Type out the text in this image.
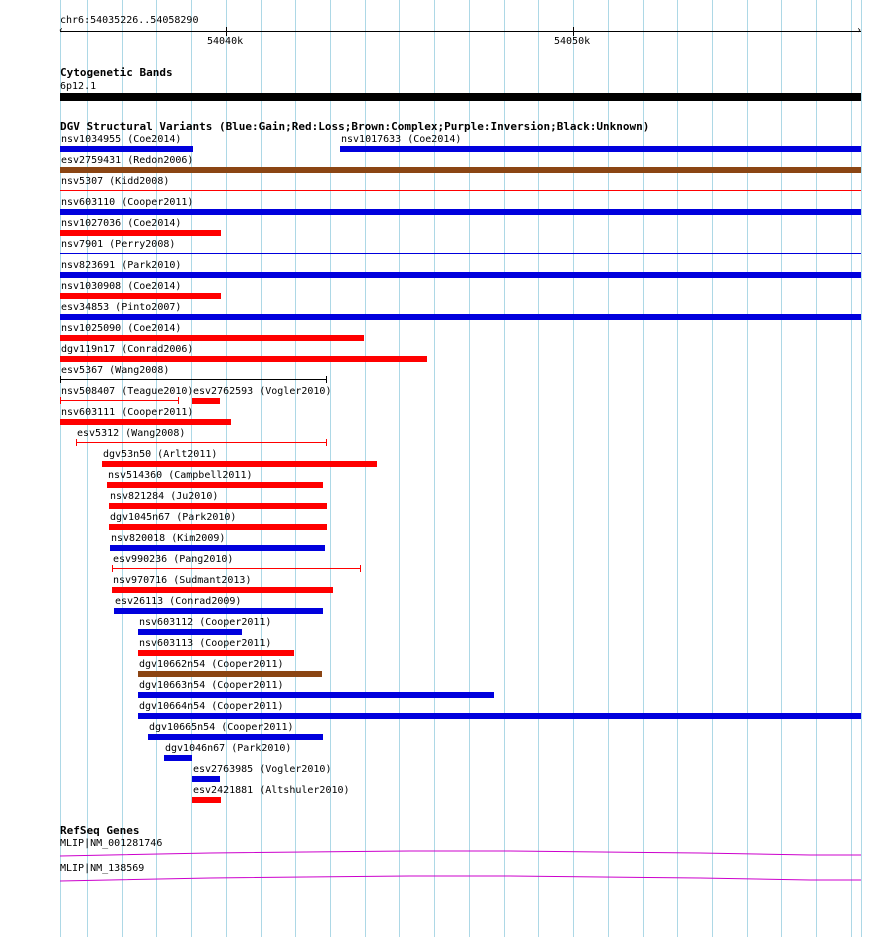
chr6:54035226..54058290
‹	›
54040k	54050k
Cytogenetic Bands
6p12.1
DGV Structural Variants (Blue:Gain;Red:Loss;Brown:Complex;Purple:Inversion;Black:Unknown)
nsv1034955 (Coe2014)	nsv1017633 (Coe2014)
esv2759431 (Redon2006)
nsv5307 (Kidd2008)
nsv603110 (Cooper2011)
nsv1027036 (Coe2014)
nsv7901 (Perry2008)
nsv823691 (Park2010)
nsv1030908 (Coe2014)
esv34853 (Pinto2007)
nsv1025090 (Coe2014)
dgv119n17 (Conrad2006)
esv5367 (Wang2008)
nsv508407 (Teague2010) esv2762593 (Vogler2010)
nsv603111 (Cooper2011)
esv5312 (Wang2008)
dgv53n50 (Arlt2011)
nsv514360 (Campbell2011)
nsv821284 (Ju2010)
dgv1045n67 (Park2010)
nsv820018 (Kim2009)
esv990236 (Pang2010)
nsv970716 (Sudmant2013)
esv26113 (Conrad2009)
nsv603112 (Cooper2011)
nsv603113 (Cooper2011)
dgv10662n54 (Cooper2011)
dgv10663n54 (Cooper2011)
dgv10664n54 (Cooper2011)
dgv10665n54 (Cooper2011)
dgv1046n67 (Park2010)
esv2763985 (Vogler2010)
esv2421881 (Altshuler2010)
RefSeq Genes
MLIP|NM_001281746
MLIP|NM_138569
